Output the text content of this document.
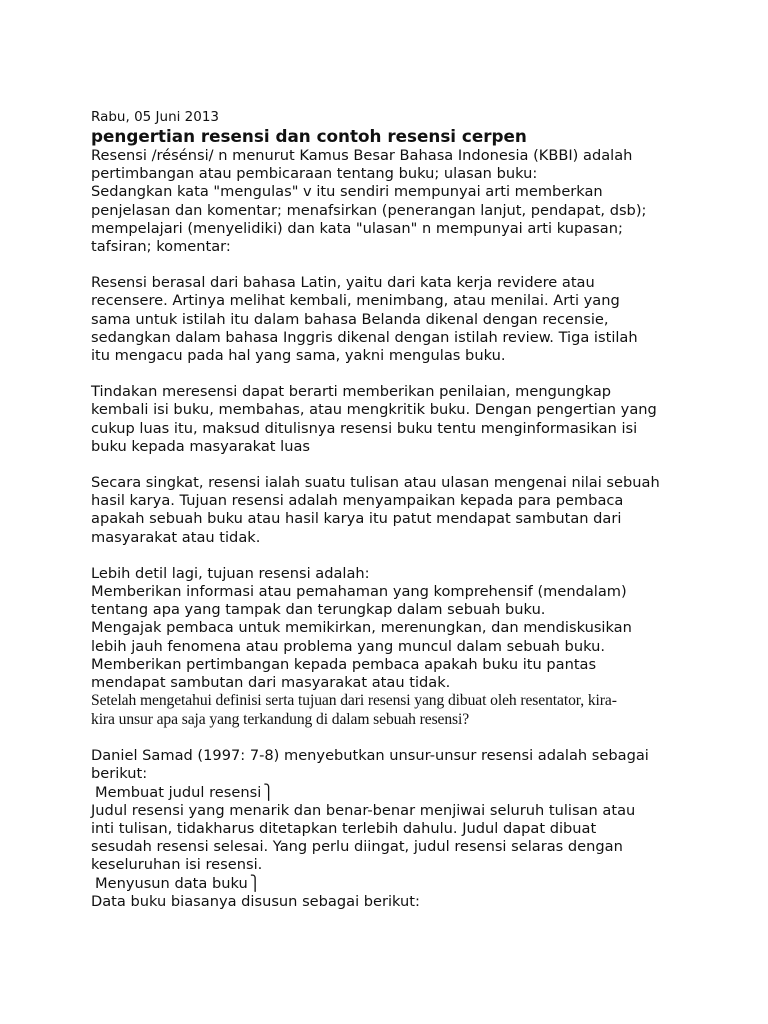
Rabu, 05 Juni 2013

pengertian resensi dan contoh resensi cerpen

Resensi /résénsi/ n menurut Kamus Besar Bahasa Indonesia (KBBI) adalah

pertimbangan atau pembicaraan tentang buku; ulasan buku:

Sedangkan kata "mengulas" v itu sendiri mempunyai arti memberkan

penjelasan dan komentar; menafsirkan (penerangan lanjut, pendapat, dsb);

mempelajari (menyelidiki) dan kata "ulasan" n mempunyai arti kupasan;

tafsiran; komentar:

Resensi berasal dari bahasa Latin, yaitu dari kata kerja revidere atau

recensere. Artinya melihat kembali, menimbang, atau menilai. Arti yang

sama untuk istilah itu dalam bahasa Belanda dikenal dengan recensie,

sedangkan dalam bahasa Inggris dikenal dengan istilah review. Tiga istilah

itu mengacu pada hal yang sama, yakni mengulas buku.

Tindakan meresensi dapat berarti memberikan penilaian, mengungkap

kembali isi buku, membahas, atau mengkritik buku. Dengan pengertian yang

cukup luas itu, maksud ditulisnya resensi buku tentu menginformasikan isi

buku kepada masyarakat luas

Secara singkat, resensi ialah suatu tulisan atau ulasan mengenai nilai sebuah

hasil karya. Tujuan resensi adalah menyampaikan kepada para pembaca

apakah sebuah buku atau hasil karya itu patut mendapat sambutan dari

masyarakat atau tidak.

Lebih detil lagi, tujuan resensi adalah:

Memberikan informasi atau pemahaman yang komprehensif (mendalam)

tentang apa yang tampak dan terungkap dalam sebuah buku.

Mengajak pembaca untuk memikirkan, merenungkan, dan mendiskusikan

lebih jauh fenomena atau problema yang muncul dalam sebuah buku.

Memberikan pertimbangan kepada pembaca apakah buku itu pantas

mendapat sambutan dari masyarakat atau tidak.

Setelah mengetahui definisi serta tujuan dari resensi yang dibuat oleh resentator, kira-

kira unsur apa saja yang terkandung di dalam sebuah resensi?

Daniel Samad (1997: 7-8) menyebutkan unsur-unsur resensi adalah sebagai

berikut:

Membuat judul resensi ⎫

Judul resensi yang menarik dan benar-benar menjiwai seluruh tulisan atau

inti tulisan, tidakharus ditetapkan terlebih dahulu. Judul dapat dibuat

sesudah resensi selesai. Yang perlu diingat, judul resensi selaras dengan

keseluruhan isi resensi.

Menyusun data buku ⎫

Data buku biasanya disusun sebagai berikut:
